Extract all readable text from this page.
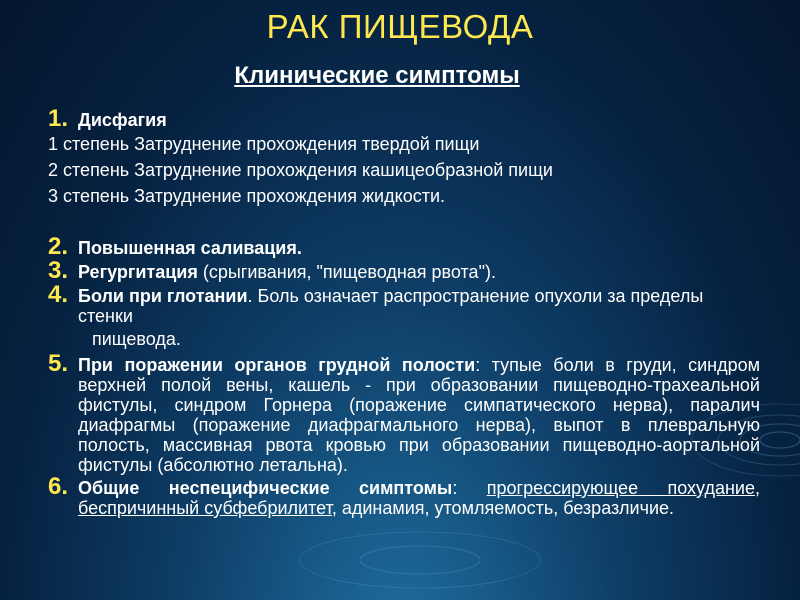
РАК ПИЩЕВОДА
Клинические симптомы
1. Дисфагия
1 степень Затруднение прохождения твердой пищи
2 степень Затруднение прохождения кашицеобразной пищи
3 степень Затруднение прохождения жидкости.
2. Повышенная саливация.
3. Регургитация (срыгивания, "пищеводная рвота").
4. Боли при глотании. Боль означает распространение опухоли за пределы стенки
пищевода.
5. При поражении органов грудной полости: тупые боли в груди, синдром верхней полой вены, кашель - при образовании пищеводно-трахеальной фистулы, синдром Горнера (поражение симпатического нерва), паралич диафрагмы (поражение диафрагмального нерва), выпот в плевральную полость, массивная рвота кровью при образовании пищеводно-аортальной фистулы (абсолютно летальна).
6. Общие неспецифические симптомы: прогрессирующее похудание, беспричинный субфебрилитет, адинамия, утомляемость, безразличие.
